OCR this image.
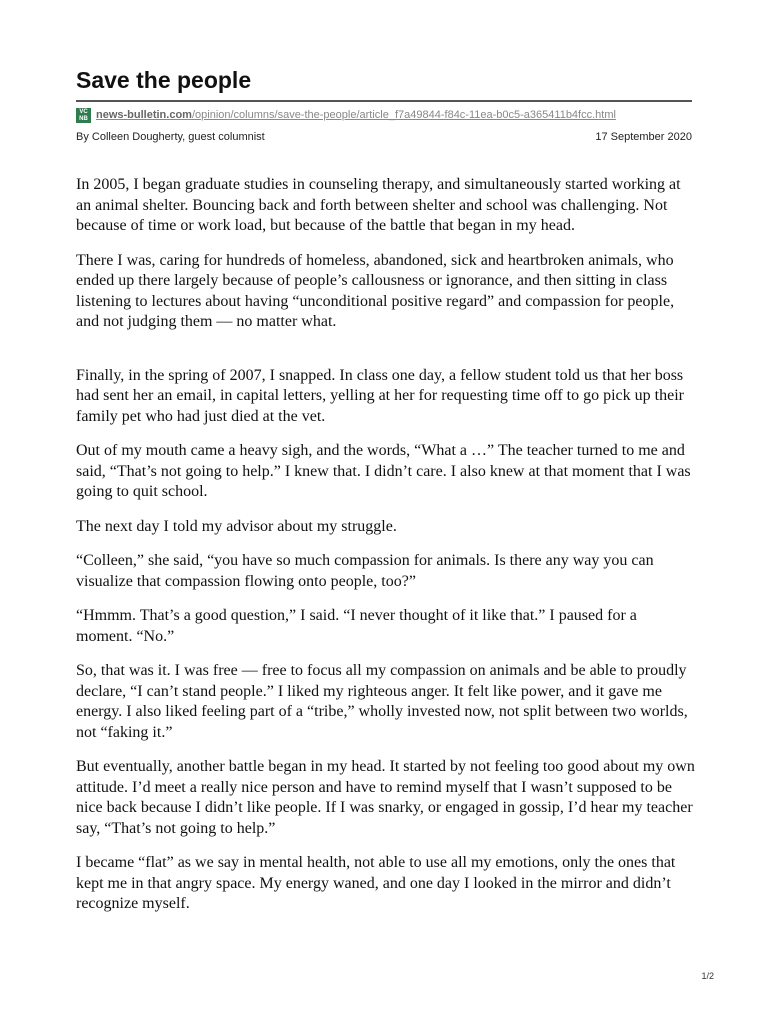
Save the people
VC
NB news-bulletin.com/opinion/columns/save-the-people/article_f7a49844-f84c-11ea-b0c5-a365411b4fcc.html
By Colleen Dougherty, guest columnist	17 September 2020

In 2005, I began graduate studies in counseling therapy, and simultaneously started working at an animal shelter. Bouncing back and forth between shelter and school was challenging. Not because of time or work load, but because of the battle that began in my head.

There I was, caring for hundreds of homeless, abandoned, sick and heartbroken animals, who ended up there largely because of people’s callousness or ignorance, and then sitting in class listening to lectures about having “unconditional positive regard” and compassion for people, and not judging them — no matter what.

Finally, in the spring of 2007, I snapped. In class one day, a fellow student told us that her boss had sent her an email, in capital letters, yelling at her for requesting time off to go pick up their family pet who had just died at the vet.

Out of my mouth came a heavy sigh, and the words, “What a …” The teacher turned to me and said, “That’s not going to help.” I knew that. I didn’t care. I also knew at that moment that I was going to quit school.

The next day I told my advisor about my struggle.

“Colleen,” she said, “you have so much compassion for animals. Is there any way you can visualize that compassion flowing onto people, too?”

“Hmmm. That’s a good question,” I said. “I never thought of it like that.” I paused for a moment. “No.”

So, that was it. I was free — free to focus all my compassion on animals and be able to proudly declare, “I can’t stand people.” I liked my righteous anger. It felt like power, and it gave me energy. I also liked feeling part of a “tribe,” wholly invested now, not split between two worlds, not “faking it.”

But eventually, another battle began in my head. It started by not feeling too good about my own attitude. I’d meet a really nice person and have to remind myself that I wasn’t supposed to be nice back because I didn’t like people. If I was snarky, or engaged in gossip, I’d hear my teacher say, “That’s not going to help.”

I became “flat” as we say in mental health, not able to use all my emotions, only the ones that kept me in that angry space. My energy waned, and one day I looked in the mirror and didn’t recognize myself.

1/2
